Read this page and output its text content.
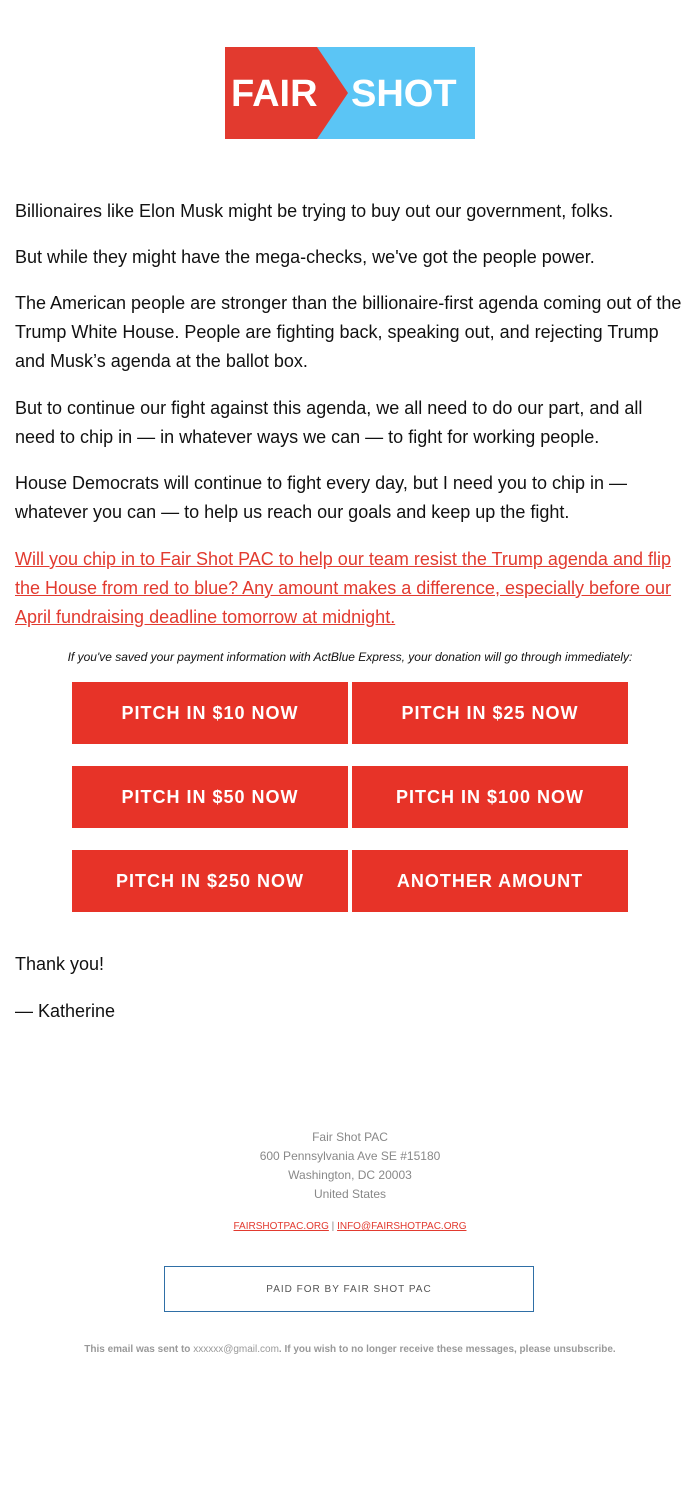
FAIR SHOT

Billionaires like Elon Musk might be trying to buy out our government, folks.

But while they might have the mega-checks, we've got the people power.

The American people are stronger than the billionaire-first agenda coming out of the Trump White House. People are fighting back, speaking out, and rejecting Trump and Musk’s agenda at the ballot box.

But to continue our fight against this agenda, we all need to do our part, and all need to chip in — in whatever ways we can — to fight for working people.

House Democrats will continue to fight every day, but I need you to chip in — whatever you can — to help us reach our goals and keep up the fight.

Will you chip in to Fair Shot PAC to help our team resist the Trump agenda and flip the House from red to blue? Any amount makes a difference, especially before our April fundraising deadline tomorrow at midnight.

If you've saved your payment information with ActBlue Express, your donation will go through immediately:
PITCH IN $10 NOW	PITCH IN $25 NOW
PITCH IN $50 NOW	PITCH IN $100 NOW
PITCH IN $250 NOW	ANOTHER AMOUNT
Thank you!
— Katherine
Fair Shot PAC
600 Pennsylvania Ave SE #15180
Washington, DC 20003
United States
FAIRSHOTPAC.ORG | INFO@FAIRSHOTPAC.ORG
PAID FOR BY FAIR SHOT PAC
This email was sent to xxxxxx@gmail.com. If you wish to no longer receive these messages, please unsubscribe.
